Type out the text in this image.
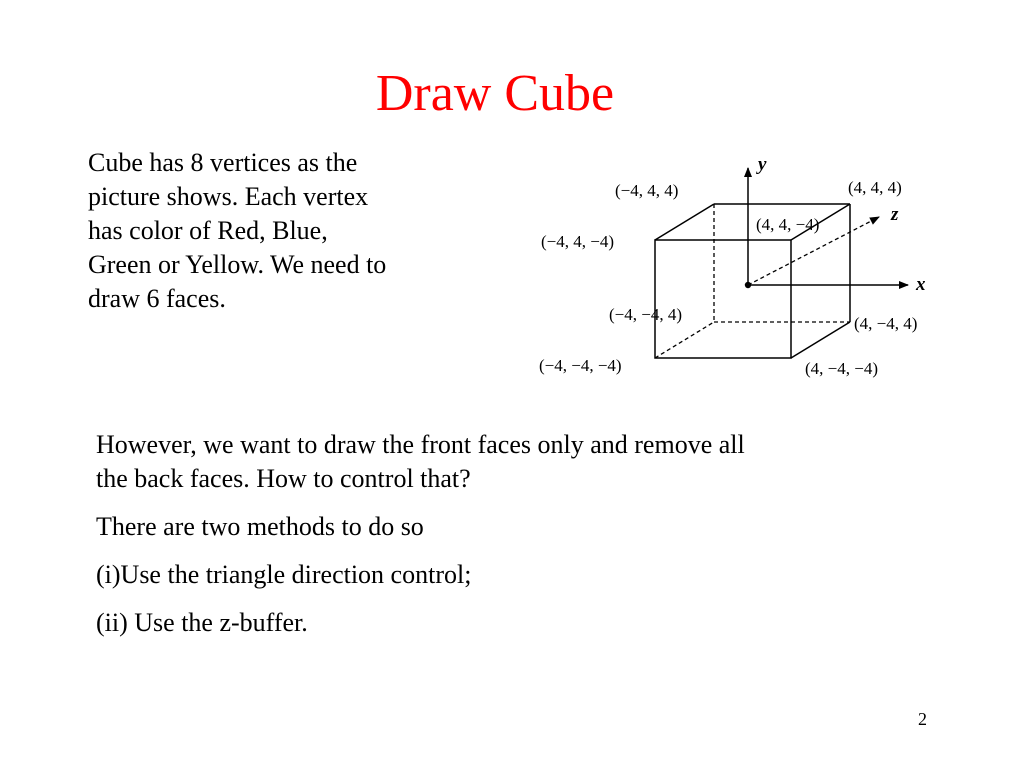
Draw Cube
Cube has 8 vertices as the
picture shows. Each vertex
has color of Red, Blue,
Green or Yellow. We need to
draw 6 faces.
y
z
x
(−4, 4, 4)	(4, 4, 4)
(4, 4, −4)
(−4, 4, −4)
(−4, −4, 4)	(4, −4, 4)
(−4, −4, −4)	(4, −4, −4)
However, we want to draw the front faces only and remove all
the back faces. How to control that?
There are two methods to do so
(i)Use the triangle direction control;
(ii) Use the z-buffer.
2
